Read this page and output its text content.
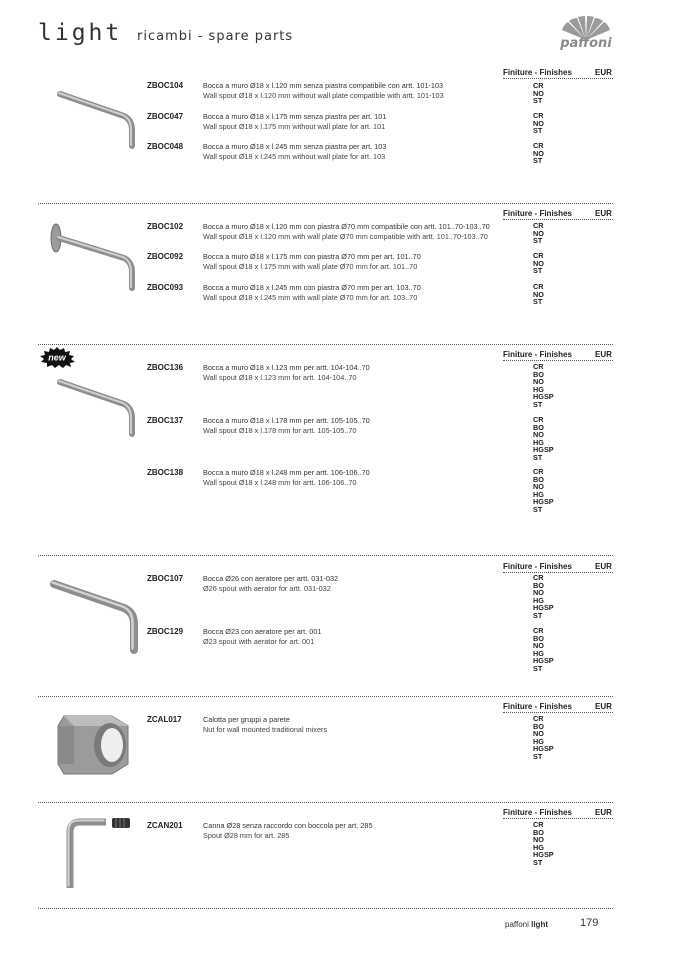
light ricambi - spare parts	paffoni
Finiture - Finishes	EUR
ZBOC104	Bocca a muro Ø18 x l.120 mm senza piastra compatibile con artt. 101-103
Wall spout Ø18 x l.120 mm without wall plate compatible with artt. 101-103
CR
NO
ST
ZBOC047	Bocca a muro Ø18 x l.175 mm senza piastra per art. 101
Wall spout Ø18 x l.175 mm without wall plate for art. 101
CR
NO
ST
ZBOC048	Bocca a muro Ø18 x l.245 mm senza piastra per art. 103
Wall spout Ø18 x l.245 mm without wall plate for art. 103
CR
NO
ST
Finiture - Finishes	EUR
ZBOC102	Bocca a muro Ø18 x l.120 mm con piastra Ø70 mm compatibile con artt. 101..70-103..70
Wall spout Ø18 x l.120 mm with wall plate Ø70 mm compatible with artt. 101..70-103..70
CR
NO
ST
ZBOC092	Bocca a muro Ø18 x l.175 mm con piastra Ø70 mm per art. 101..70
Wall spout Ø18 x l.175 mm with wall plate Ø70 mm for art. 101..70
CR
NO
ST
ZBOC093	Bocca a muro Ø18 x l.245 mm con piastra Ø70 mm per art. 103..70
Wall spout Ø18 x l.245 mm with wall plate Ø70 mm for art. 103..70
CR
NO
ST
new	Finiture - Finishes	EUR
ZBOC136	Bocca a muro Ø18 x l.123 mm per artt. 104-104..70
Wall spout Ø18 x l.123 mm for artt. 104-104..70
CR
BO
NO
HG
HGSP
ST
ZBOC137	Bocca a muro Ø18 x l.178 mm per artt. 105-105..70
Wall spout Ø18 x l.178 mm for artt. 105-105..70
CR
BO
NO
HG
HGSP
ST
ZBOC138	Bocca a muro Ø18 x l.248 mm per artt. 106-106..70
Wall spout Ø18 x l.248 mm for artt. 106-106..70
CR
BO
NO
HG
HGSP
ST
Finiture - Finishes	EUR
ZBOC107	Bocca Ø26 con aeratore per artt. 031-032
Ø26 spout with aerator for artt. 031-032
CR
BO
NO
HG
HGSP
ST
ZBOC129	Bocca Ø23 con aeratore per art. 001
Ø23 spout with aerator for art. 001
CR
BO
NO
HG
HGSP
ST
Finiture - Finishes	EUR
ZCAL017	Calotta per gruppi a parete
Nut for wall mounted traditional mixers
CR
BO
NO
HG
HGSP
ST
Finiture - Finishes	EUR
ZCAN201	Canna Ø28 senza raccordo con boccola per art. 285
Spout Ø28 mm for art. 285
CR
BO
NO
HG
HGSP
ST
paffoni light	179
